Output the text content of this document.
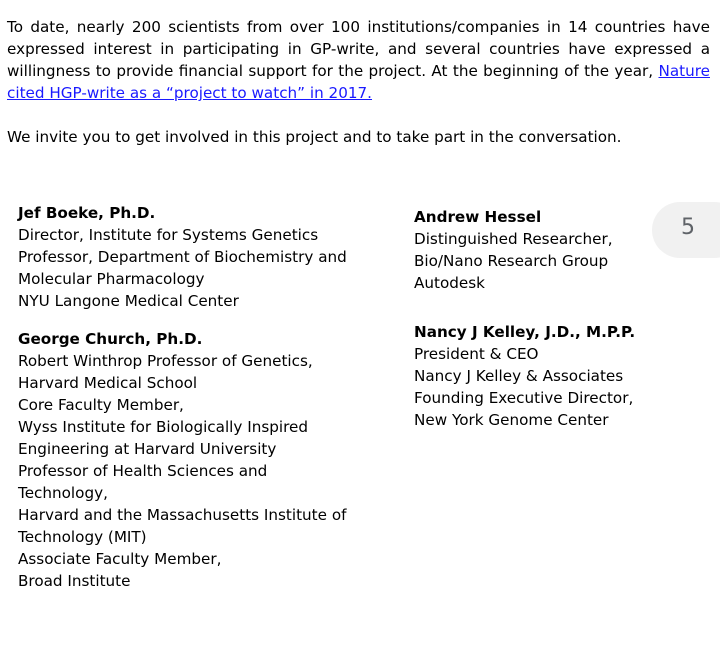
To date, nearly 200 scientists from over 100 institutions/companies in 14 countries have expressed interest in participating in GP-write, and several countries have expressed a willingness to provide financial support for the project. At the beginning of the year, Nature cited HGP-write as a “project to watch” in 2017.

We invite you to get involved in this project and to take part in the conversation.

Jef Boeke, Ph.D.
Director, Institute for Systems Genetics
Professor, Department of Biochemistry and
Molecular Pharmacology
NYU Langone Medical Center
George Church, Ph.D.
Robert Winthrop Professor of Genetics,
Harvard Medical School
Core Faculty Member,
Wyss Institute for Biologically Inspired
Engineering at Harvard University
Professor of Health Sciences and
Technology,
Harvard and the Massachusetts Institute of
Technology (MIT)
Associate Faculty Member,
Broad Institute
Andrew Hessel
Distinguished Researcher,
Bio/Nano Research Group
Autodesk
Nancy J Kelley, J.D., M.P.P.
President & CEO
Nancy J Kelley & Associates
Founding Executive Director,
New York Genome Center
5
